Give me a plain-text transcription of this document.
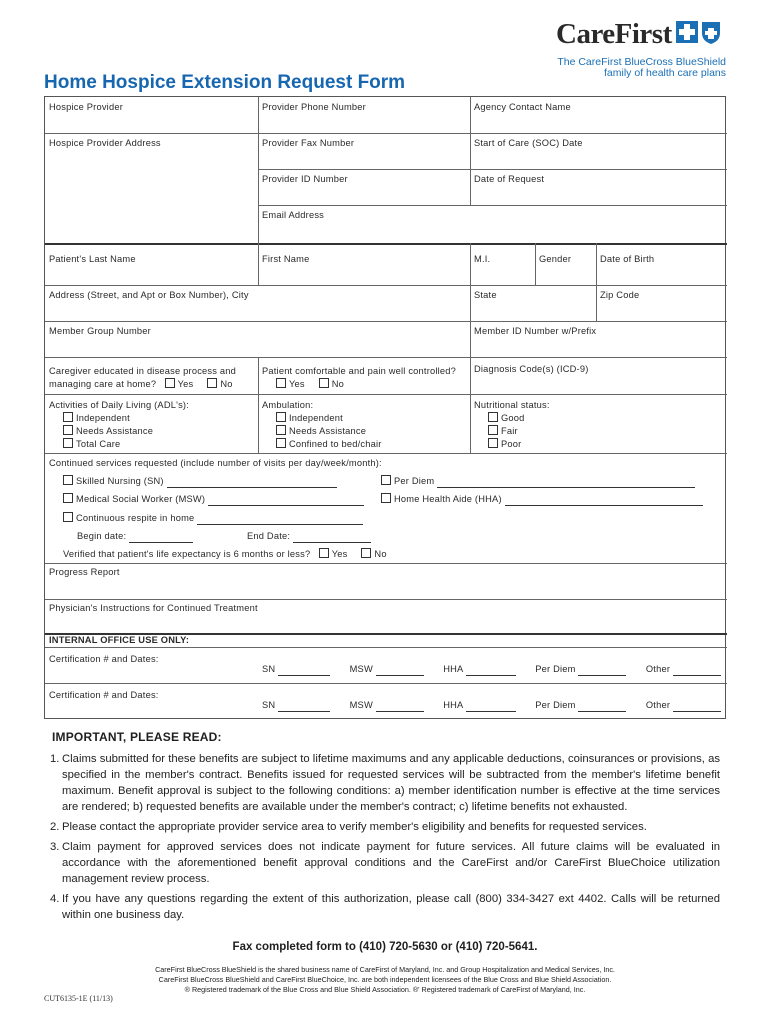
CareFirst
The CareFirst BlueCross BlueShield
family of health care plans
Home Hospice Extension Request Form
Hospice Provider	Provider Phone Number	Agency Contact Name
Hospice Provider Address	Provider Fax Number	Start of Care (SOC) Date
Provider ID Number	Date of Request
Email Address
Patient's Last Name	First Name	M.I.	Gender	Date of Birth
Address (Street, and Apt or Box Number), City	State	Zip Code
Member Group Number	Member ID Number w/Prefix
Caregiver educated in disease process and
managing care at home? Yes	No
Patient comfortable and pain well controlled?
Yes	No
Diagnosis Code(s) (ICD-9)
Activities of Daily Living (ADL's):
Independent
Needs Assistance
Total Care
Ambulation:
Independent
Needs Assistance
Confined to bed/chair
Nutritional status:
Good
Fair
Poor
Continued services requested (include number of visits per day/week/month):
Skilled Nursing (SN)	Per Diem
Medical Social Worker (MSW)	Home Health Aide (HHA)
Continuous respite in home
Begin date:	End Date:
Verified that patient's life expectancy is 6 months or less? Yes	No
Progress Report
Physician's Instructions for Continued Treatment
INTERNAL OFFICE USE ONLY:
Certification # and Dates:
SN	MSW	HHA	Per Diem	Other
Certification # and Dates:
SN	MSW	HHA	Per Diem	Other
IMPORTANT, PLEASE READ:
1. Claims submitted for these benefits are subject to lifetime maximums and any applicable deductions, coinsurances or provisions, as specified in the member's contract. Benefits issued for requested services will be subtracted from the member's lifetime benefit maximum. Benefit approval is subject to the following conditions: a) member identification number is effective at the time services are rendered; b) requested benefits are available under the member's contract; c) lifetime benefits not exhausted.
2. Please contact the appropriate provider service area to verify member's eligibility and benefits for requested services.
3. Claim payment for approved services does not indicate payment for future services. All future claims will be evaluated in accordance with the aforementioned benefit approval conditions and the CareFirst and/or CareFirst BlueChoice utilization management review process.
4. If you have any questions regarding the extent of this authorization, please call (800) 334-3427 ext 4402. Calls will be returned within one business day.
Fax completed form to (410) 720-5630 or (410) 720-5641.
CareFirst BlueCross BlueShield is the shared business name of CareFirst of Maryland, Inc. and Group Hospitalization and Medical Services, Inc.
CareFirst BlueCross BlueShield and CareFirst BlueChoice, Inc. are both independent licensees of the Blue Cross and Blue Shield Association.
® Registered trademark of the Blue Cross and Blue Shield Association. ®' Registered trademark of CareFirst of Maryland, Inc.
CUT6135-1E (11/13)
